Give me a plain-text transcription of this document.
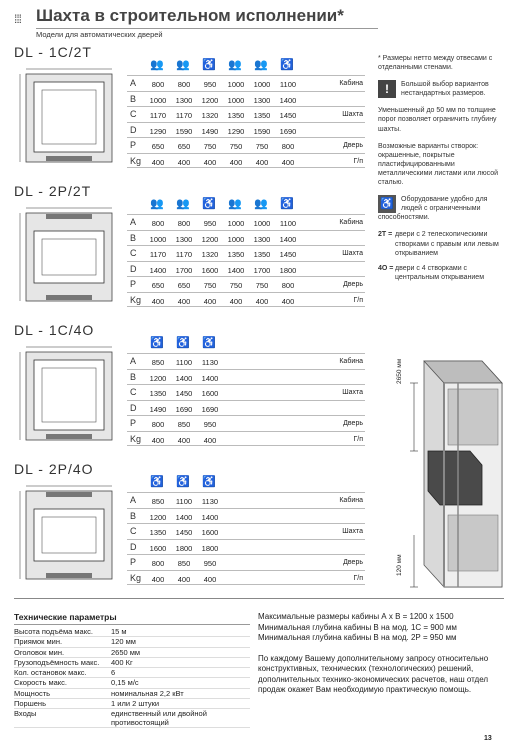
⁞⁞⁞ Шахта в строительном исполнении*
Модели для автоматических дверей
DL - 1C/2T
👥	👥	♿	👥	👥	♿
A	800	800	950	1000	1000	1100	Кабина
B	1000	1300	1200	1000	1300	1400
C	1170	1170	1320	1350	1350	1450	Шахта
D	1290	1590	1490	1290	1590	1690
P	650	650	750	750	750	800	Дверь
Kg	400	400	400	400	400	400	Г/п
DL - 2P/2T
👥	👥	♿	👥	👥	♿
A	800	800	950	1000	1000	1100	Кабина
B	1000	1300	1200	1000	1300	1400
C	1170	1170	1320	1350	1350	1450	Шахта
D	1400	1700	1600	1400	1700	1800
P	650	650	750	750	750	800	Дверь
Kg	400	400	400	400	400	400	Г/п
DL - 1C/4O
♿	♿	♿
A	850	1100	1130	Кабина
B	1200	1400	1400
C	1350	1450	1600	Шахта
D	1490	1690	1690
P	800	850	950	Дверь
Kg	400	400	400	Г/п
DL - 2P/4O
♿	♿	♿
A	850	1100	1130	Кабина
B	1200	1400	1400
C	1350	1450	1600	Шахта
D	1600	1800	1800
P	800	850	950	Дверь
Kg	400	400	400	Г/п

* Размеры нетто между отвесами с отделанными стенами.

!	Большой выбор вариантов нестандартных размеров.

Уменьшенный до 50 мм по толщине порог позволяет ограничить глубину шахты.

Возможные варианты створок: окрашенные, покрытые пластифицированными металлическими листами или люсой сталью.

♿	Оборудование удобно для людей с ограниченными способностями.

2T = двери с 2 телескопическими створками с правым или левым открыванием
4O = двери с 4 створками с центральным открыванием
2650 мм
120 мм
Технические параметры
Высота подъёма макс.	15 м
Приямок мин.	120 мм
Оголовок мин.	2650 мм
Грузоподъёмность макс.	400 Кг
Кол. остановок макс.	6
Скорость макс.	0,15 м/с
Мощность	номинальная 2,2 кВт
Поршень	1 или 2 штуки
Входы	единственный или двойной противостоящий
Максимальные размеры кабины А х В = 1200 х 1500
Минимальная глубина кабины В на мод. 1С = 900 мм
Минимальная глубина кабины В на мод. 2Р = 950 мм
По каждому Вашему дополнительному запросу относительно конструктивных, технических (технологических) решений, дополнительных технико-экономических расчетов, наш отдел продаж окажет Вам необходимую практическую помощь.
13
